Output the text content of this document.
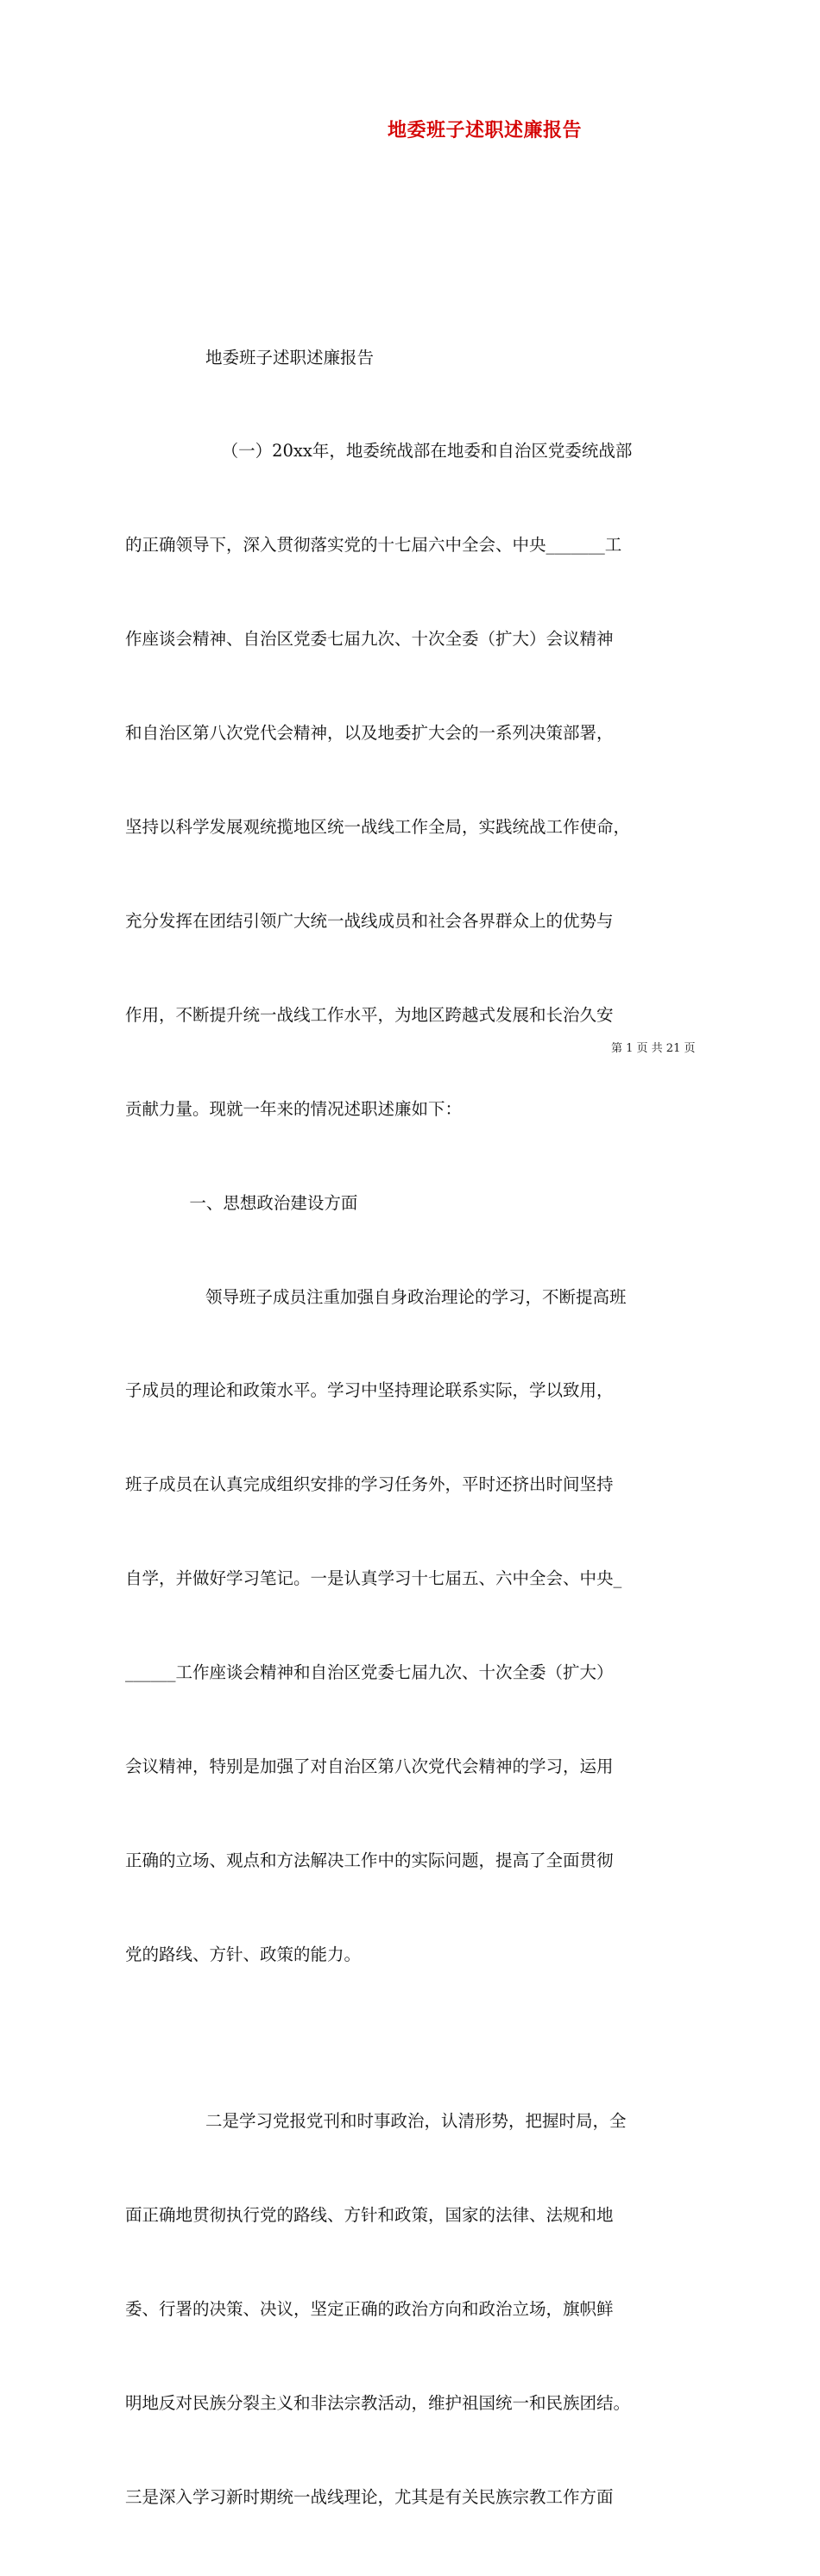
地委班子述职述廉报告

地委班子述职述廉报告

（一）20xx年，地委统战部在地委和自治区党委统战部

的正确领导下，深入贯彻落实党的十七届六中全会、中央_______工

作座谈会精神、自治区党委七届九次、十次全委（扩大）会议精神

和自治区第八次党代会精神，以及地委扩大会的一系列决策部署，

坚持以科学发展观统揽地区统一战线工作全局，实践统战工作使命，

充分发挥在团结引领广大统一战线成员和社会各界群众上的优势与

作用，不断提升统一战线工作水平，为地区跨越式发展和长治久安

贡献力量。现就一年来的情况述职述廉如下：

一、思想政治建设方面

领导班子成员注重加强自身政治理论的学习，不断提高班

子成员的理论和政策水平。学习中坚持理论联系实际，学以致用，

班子成员在认真完成组织安排的学习任务外，平时还挤出时间坚持

自学，并做好学习笔记。一是认真学习十七届五、六中全会、中央_

______工作座谈会精神和自治区党委七届九次、十次全委（扩大）

会议精神，特别是加强了对自治区第八次党代会精神的学习，运用

正确的立场、观点和方法解决工作中的实际问题，提高了全面贯彻

党的路线、方针、政策的能力。

二是学习党报党刊和时事政治，认清形势，把握时局，全

面正确地贯彻执行党的路线、方针和政策，国家的法律、法规和地

委、行署的决策、决议，坚定正确的政治方向和政治立场，旗帜鲜

明地反对民族分裂主义和非法宗教活动，维护祖国统一和民族团结。

三是深入学习新时期统一战线理论，尤其是有关民族宗教工作方面

第 1 页 共 21 页
